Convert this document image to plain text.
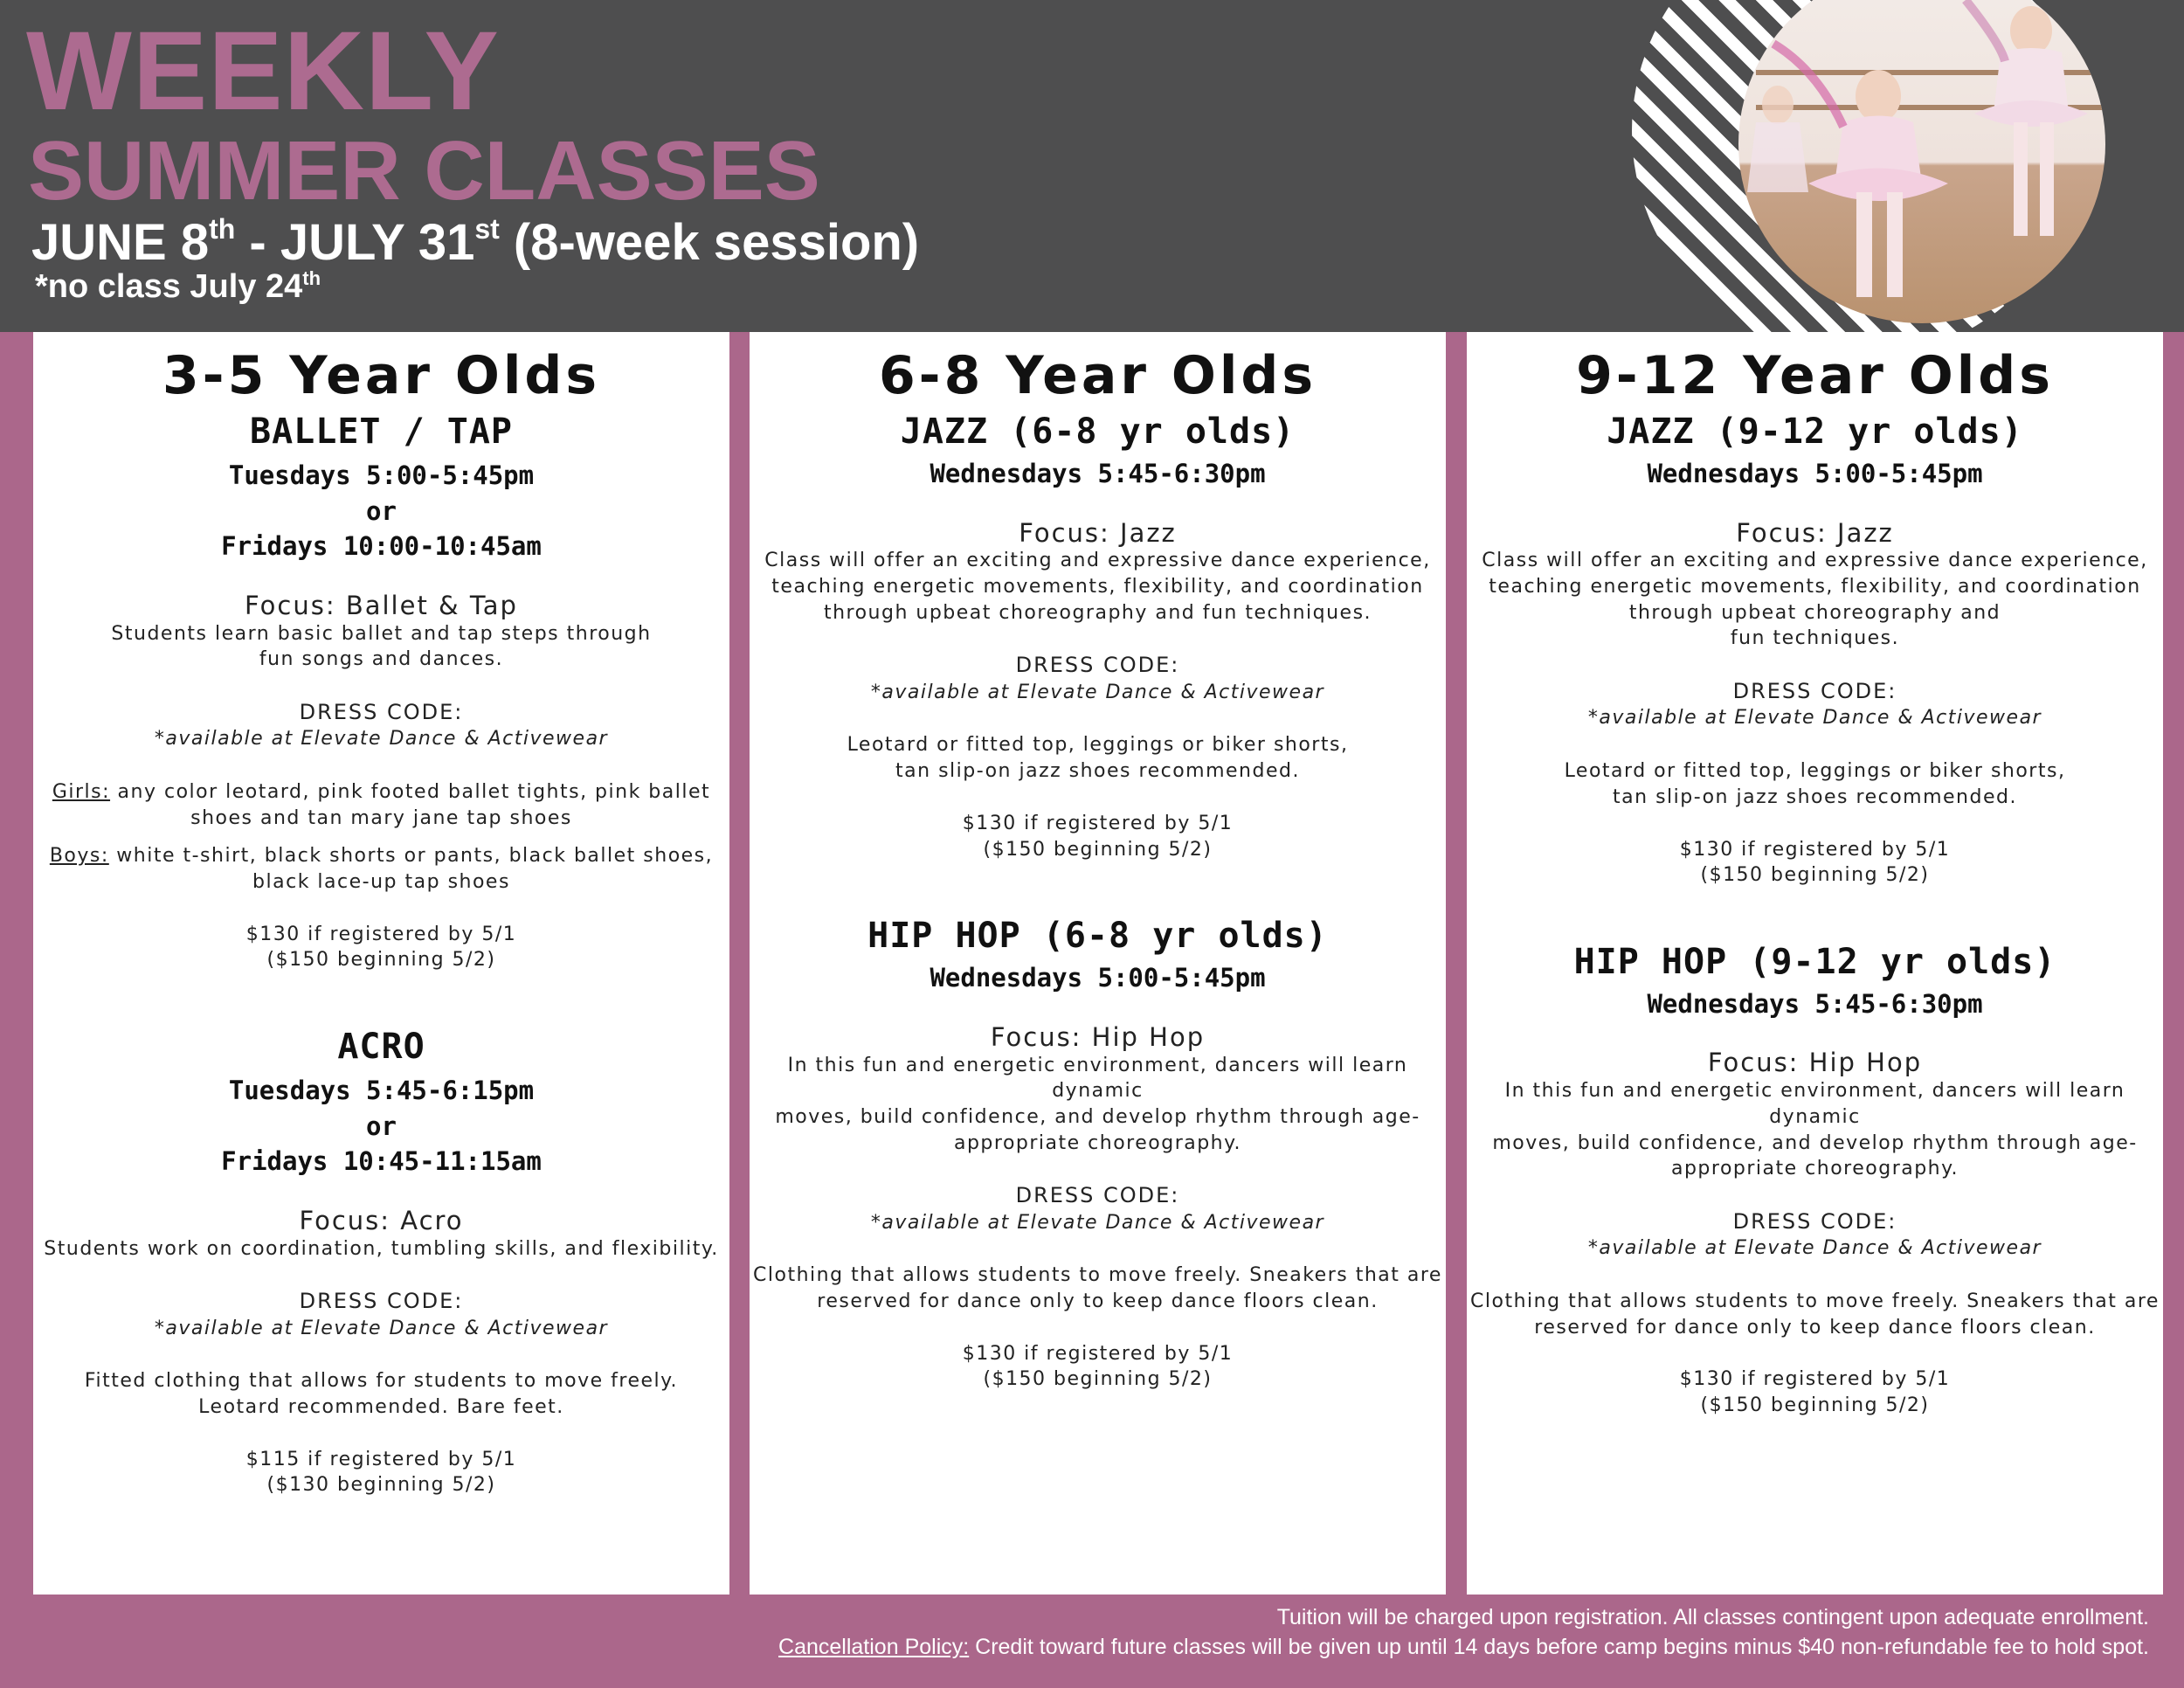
WEEKLY
SUMMER CLASSES
JUNE 8th - JULY 31st (8-week session)
*no class July 24th
3-5 Year Olds
BALLET / TAP
Tuesdays 5:00-5:45pm
or
Fridays 10:00-10:45am
Focus: Ballet & Tap
Students learn basic ballet and tap steps through
fun songs and dances.
DRESS CODE:
*available at Elevate Dance & Activewear
Girls: any color leotard, pink footed ballet tights, pink ballet
shoes and tan mary jane tap shoes
Boys: white t-shirt, black shorts or pants, black ballet shoes,
black lace-up tap shoes
$130 if registered by 5/1
($150 beginning 5/2)
ACRO
Tuesdays 5:45-6:15pm
or
Fridays 10:45-11:15am
Focus: Acro
Students work on coordination, tumbling skills, and flexibility.
DRESS CODE:
*available at Elevate Dance & Activewear
Fitted clothing that allows for students to move freely.
Leotard recommended. Bare feet.
$115 if registered by 5/1
($130 beginning 5/2)
6-8 Year Olds
JAZZ (6-8 yr olds)
Wednesdays 5:45-6:30pm
Focus: Jazz
Class will offer an exciting and expressive dance experience,
teaching energetic movements, flexibility, and coordination
through upbeat choreography and fun techniques.
DRESS CODE:
*available at Elevate Dance & Activewear
Leotard or fitted top, leggings or biker shorts,
tan slip-on jazz shoes recommended.
$130 if registered by 5/1
($150 beginning 5/2)
HIP HOP (6-8 yr olds)
Wednesdays 5:00-5:45pm
Focus: Hip Hop
In this fun and energetic environment, dancers will learn dynamic
moves, build confidence, and develop rhythm through age-
appropriate choreography.
DRESS CODE:
*available at Elevate Dance & Activewear
Clothing that allows students to move freely. Sneakers that are
reserved for dance only to keep dance floors clean.
$130 if registered by 5/1
($150 beginning 5/2)
9-12 Year Olds
JAZZ (9-12 yr olds)
Wednesdays 5:00-5:45pm
Focus: Jazz
Class will offer an exciting and expressive dance experience,
teaching energetic movements, flexibility, and coordination
through upbeat choreography and
fun techniques.
DRESS CODE:
*available at Elevate Dance & Activewear
Leotard or fitted top, leggings or biker shorts,
tan slip-on jazz shoes recommended.
$130 if registered by 5/1
($150 beginning 5/2)
HIP HOP (9-12 yr olds)
Wednesdays 5:45-6:30pm
Focus: Hip Hop
In this fun and energetic environment, dancers will learn dynamic
moves, build confidence, and develop rhythm through age-
appropriate choreography.
DRESS CODE:
*available at Elevate Dance & Activewear
Clothing that allows students to move freely. Sneakers that are
reserved for dance only to keep dance floors clean.
$130 if registered by 5/1
($150 beginning 5/2)
Tuition will be charged upon registration. All classes contingent upon adequate enrollment.
Cancellation Policy: Credit toward future classes will be given up until 14 days before camp begins minus $40 non-refundable fee to hold spot.
